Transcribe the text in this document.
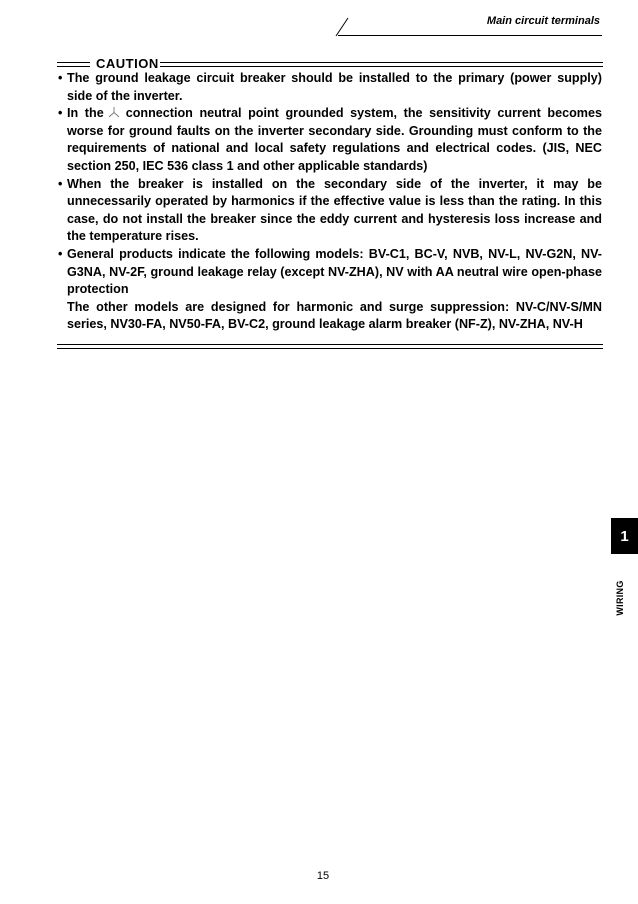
Main circuit terminals
CAUTION
• The ground leakage circuit breaker should be installed to the primary (power supply) side of the inverter.
• In the connection neutral point grounded system, the sensitivity current becomes worse for ground faults on the inverter secondary side. Grounding must conform to the requirements of national and local safety regulations and electrical codes. (JIS, NEC section 250, IEC 536 class 1 and other applicable standards)
• When the breaker is installed on the secondary side of the inverter, it may be unnecessarily operated by harmonics if the effective value is less than the rating. In this case, do not install the breaker since the eddy current and hysteresis loss increase and the temperature rises.
• General products indicate the following models: BV-C1, BC-V, NVB, NV-L, NV-G2N, NV-G3NA, NV-2F, ground leakage relay (except NV-ZHA), NV with AA neutral wire open-phase protection
The other models are designed for harmonic and surge suppression: NV-C/NV-S/MN series, NV30-FA, NV50-FA, BV-C2, ground leakage alarm breaker (NF-Z), NV-ZHA, NV-H
1
WIRING
15
